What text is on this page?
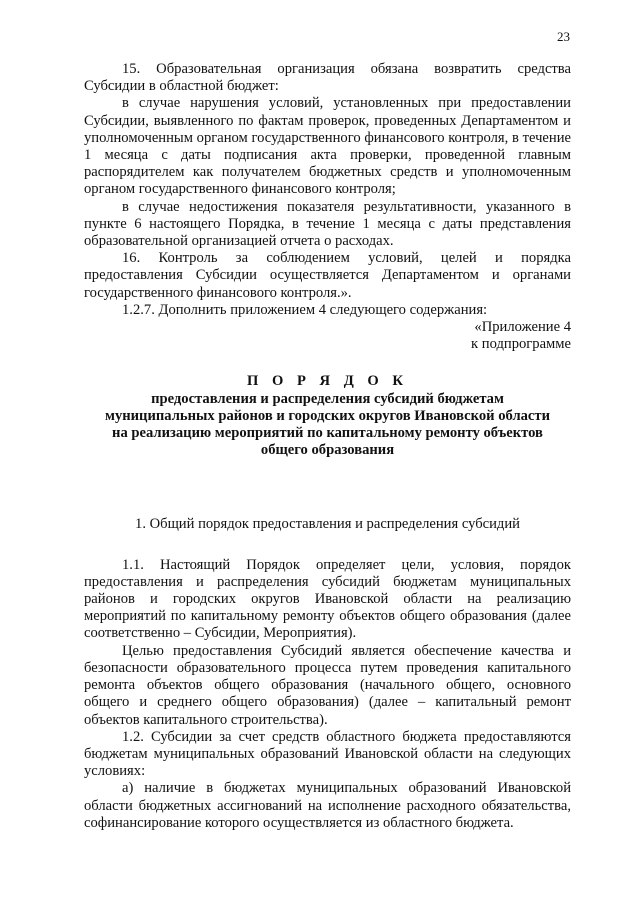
23

15. Образовательная организация обязана возвратить средства Субсидии в областной бюджет:

в случае нарушения условий, установленных при предоставлении Субсидии, выявленного по фактам проверок, проведенных Департаментом и уполномоченным органом государственного финансового контроля, в течение 1 месяца с даты подписания акта проверки, проведенной главным распорядителем как получателем бюджетных средств и уполномоченным органом государственного финансового контроля;

в случае недостижения показателя результативности, указанного в пункте 6 настоящего Порядка, в течение 1 месяца с даты представления образовательной организацией отчета о расходах.

16. Контроль за соблюдением условий, целей и порядка предоставления Субсидии осуществляется Департаментом и органами государственного финансового контроля.».

1.2.7. Дополнить приложением 4 следующего содержания:

«Приложение 4

к подпрограмме

П О Р Я Д О К
предоставления и распределения субсидий бюджетам
муниципальных районов и городских округов Ивановской области
на реализацию мероприятий по капитальному ремонту объектов
общего образования
1. Общий порядок предоставления и распределения субсидий

1.1. Настоящий Порядок определяет цели, условия, порядок предоставления и распределения субсидий бюджетам муниципальных районов и городских округов Ивановской области на реализацию мероприятий по капитальному ремонту объектов общего образования (далее соответственно – Субсидии, Мероприятия).

Целью предоставления Субсидий является обеспечение качества и безопасности образовательного процесса путем проведения капитального ремонта объектов общего образования (начального общего, основного общего и среднего общего образования) (далее – капитальный ремонт объектов капитального строительства).

1.2. Субсидии за счет средств областного бюджета предоставляются бюджетам муниципальных образований Ивановской области на следующих условиях:

а) наличие в бюджетах муниципальных образований Ивановской области бюджетных ассигнований на исполнение расходного обязательства, софинансирование которого осуществляется из областного бюджета.
